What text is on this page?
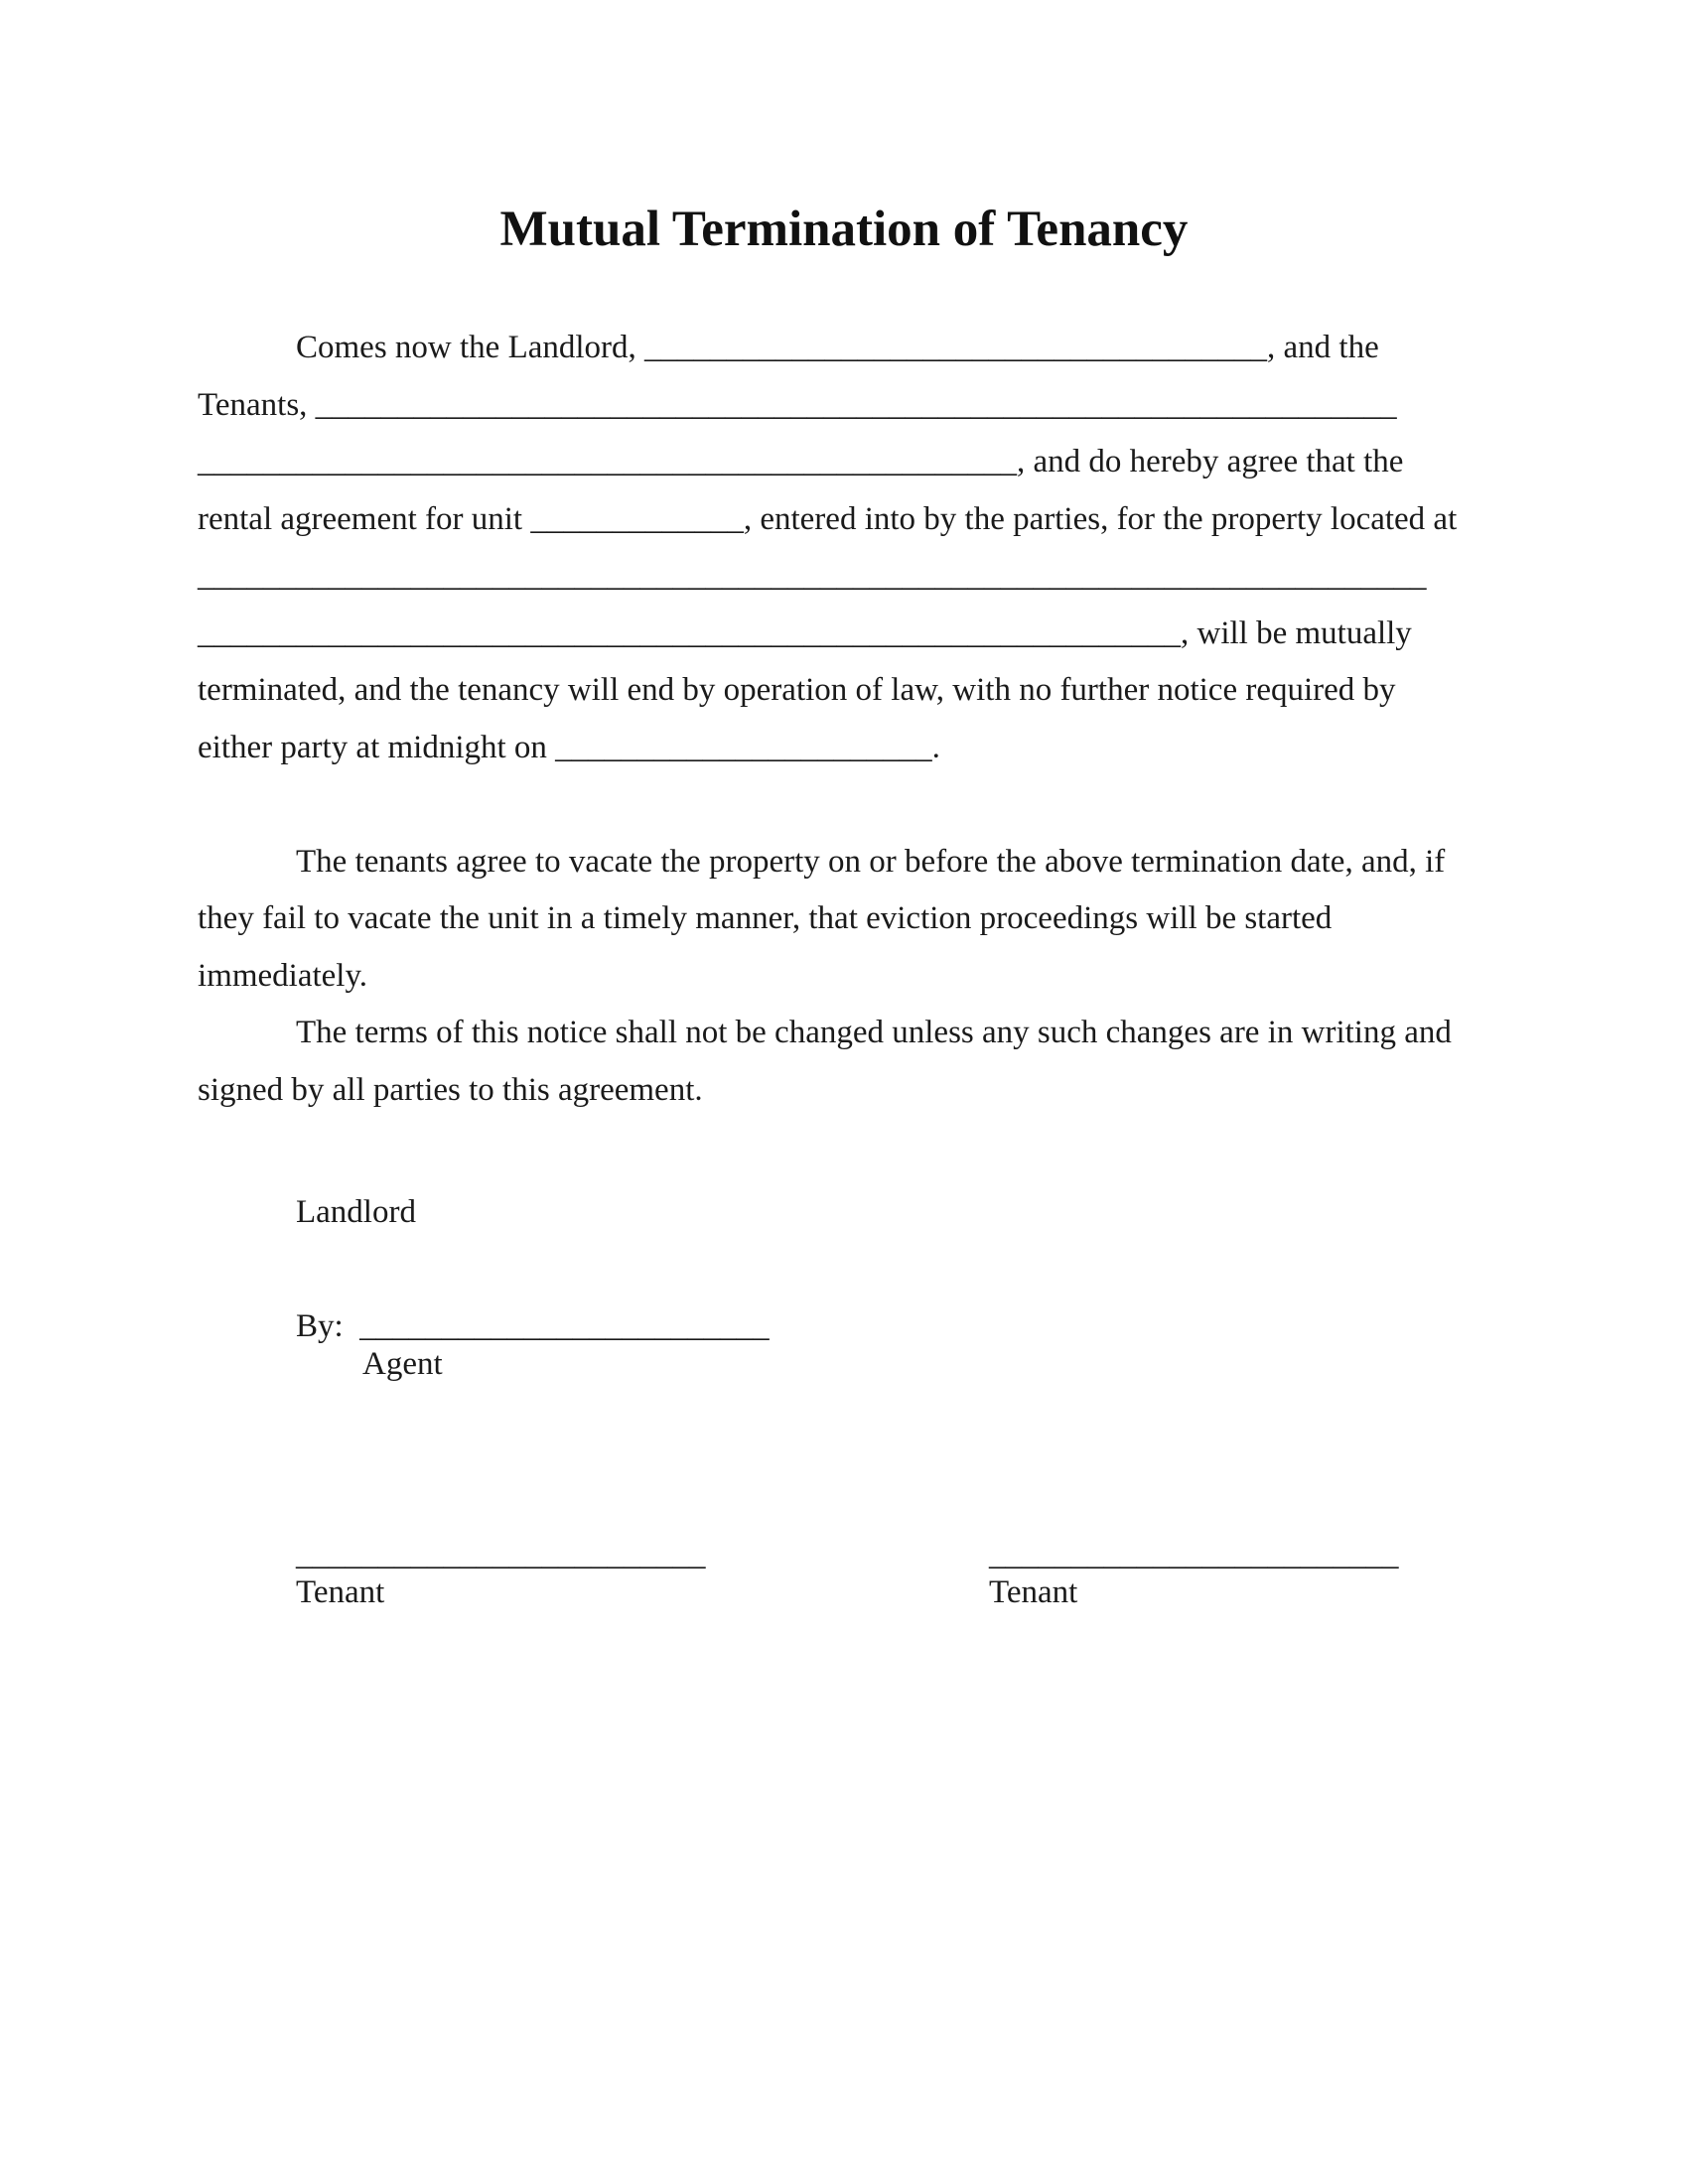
Mutual Termination of Tenancy
Comes now the Landlord, ______________________________________, and the
Tenants, __________________________________________________________________
__________________________________________________, and do hereby agree that the
rental agreement for unit _____________, entered into by the parties, for the property located at
___________________________________________________________________________
____________________________________________________________, will be mutually
terminated, and the tenancy will end by operation of law, with no further notice required by
either party at midnight on _______________________.
The tenants agree to vacate the property on or before the above termination date, and, if
they fail to vacate the unit in a timely manner, that eviction proceedings will be started
immediately.
The terms of this notice shall not be changed unless any such changes are in writing and
signed by all parties to this agreement.
Landlord
By:  _________________________
Agent
_________________________
Tenant
_________________________
Tenant
